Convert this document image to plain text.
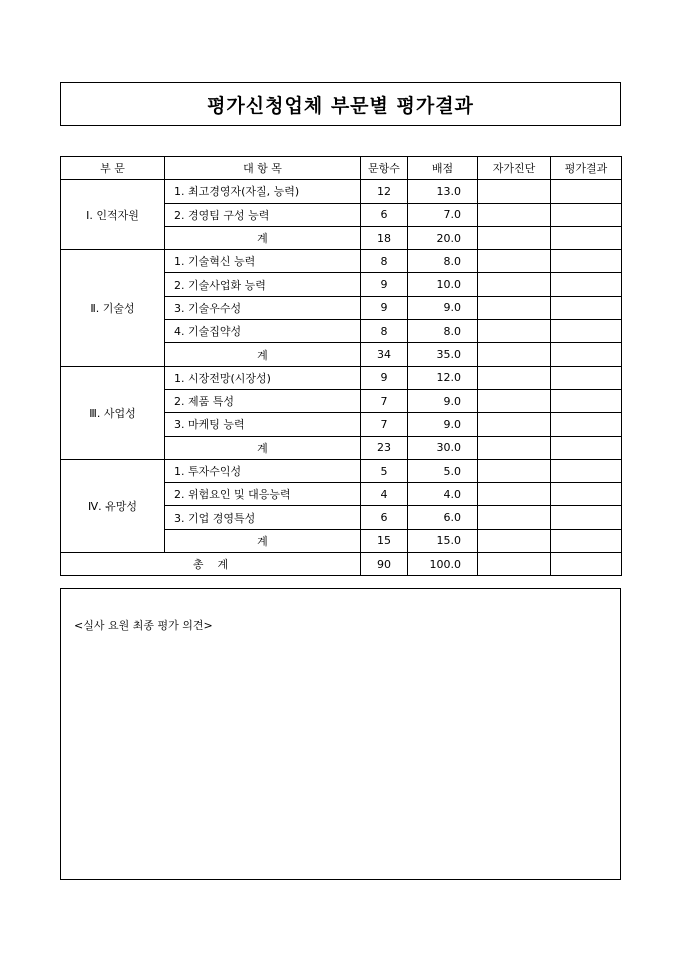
평가신청업체 부문별 평가결과
부 문	대 항 목	문항수	배점	자가진단	평가결과
Ⅰ. 인적자원	1. 최고경영자(자질, 능력)	12	13.0		
	2. 경영팀 구성 능력	6	7.0		
	계	18	20.0		
Ⅱ. 기술성	1. 기술혁신 능력	8	8.0		
	2. 기술사업화 능력	9	10.0		
	3. 기술우수성	9	9.0		
	4. 기술집약성	8	8.0		
	계	34	35.0		
Ⅲ. 사업성	1. 시장전망(시장성)	9	12.0		
	2. 제품 특성	7	9.0		
	3. 마케팅 능력	7	9.0		
	계	23	30.0		
Ⅳ. 유망성	1. 투자수익성	5	5.0		
	2. 위험요인 및 대응능력	4	4.0		
	3. 기업 경영특성	6	6.0		
	계	15	15.0		
총    계		90	100.0		
<실사 요원 최종 평가 의견>
